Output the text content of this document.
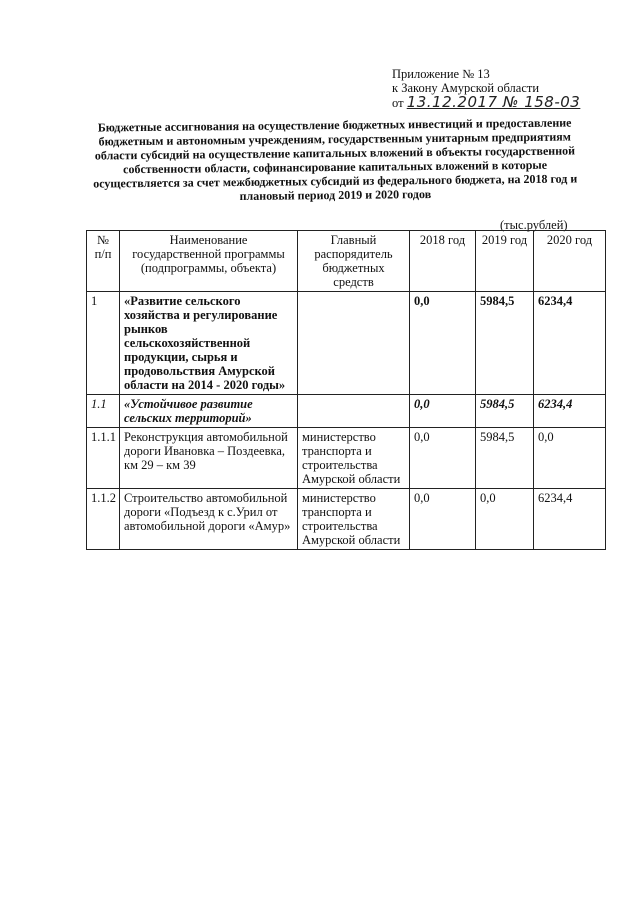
Приложение № 13
к Закону Амурской области
от 13.12.2017 № 158-03
Бюджетные ассигнования на осуществление бюджетных инвестиций и предоставление бюджетным и автономным учреждениям, государственным унитарным предприятиям области субсидий на осуществление капитальных вложений в объекты государственной собственности области, софинансирование капитальных вложений в которые осуществляется за счет межбюджетных субсидий из федерального бюджета, на 2018 год и плановый период 2019 и 2020 годов
(тыс.рублей)
№ п/п	Наименование государственной программы (подпрограммы, объекта)	Главный распорядитель бюджетных средств	2018 год	2019 год	2020 год
1	«Развитие сельского хозяйства и регулирование рынков сельскохозяйственной продукции, сырья и продовольствия Амурской области на 2014 - 2020 годы»		0,0	5984,5	6234,4
1.1	«Устойчивое развитие сельских территорий»		0,0	5984,5	6234,4
1.1.1	Реконструкция автомобильной дороги Ивановка – Поздеевка, км 29 – км 39	министерство транспорта и строительства Амурской области	0,0	5984,5	0,0
1.1.2	Строительство автомобильной дороги «Подъезд к с.Урил от автомобильной дороги «Амур»	министерство транспорта и строительства Амурской области	0,0	0,0	6234,4
